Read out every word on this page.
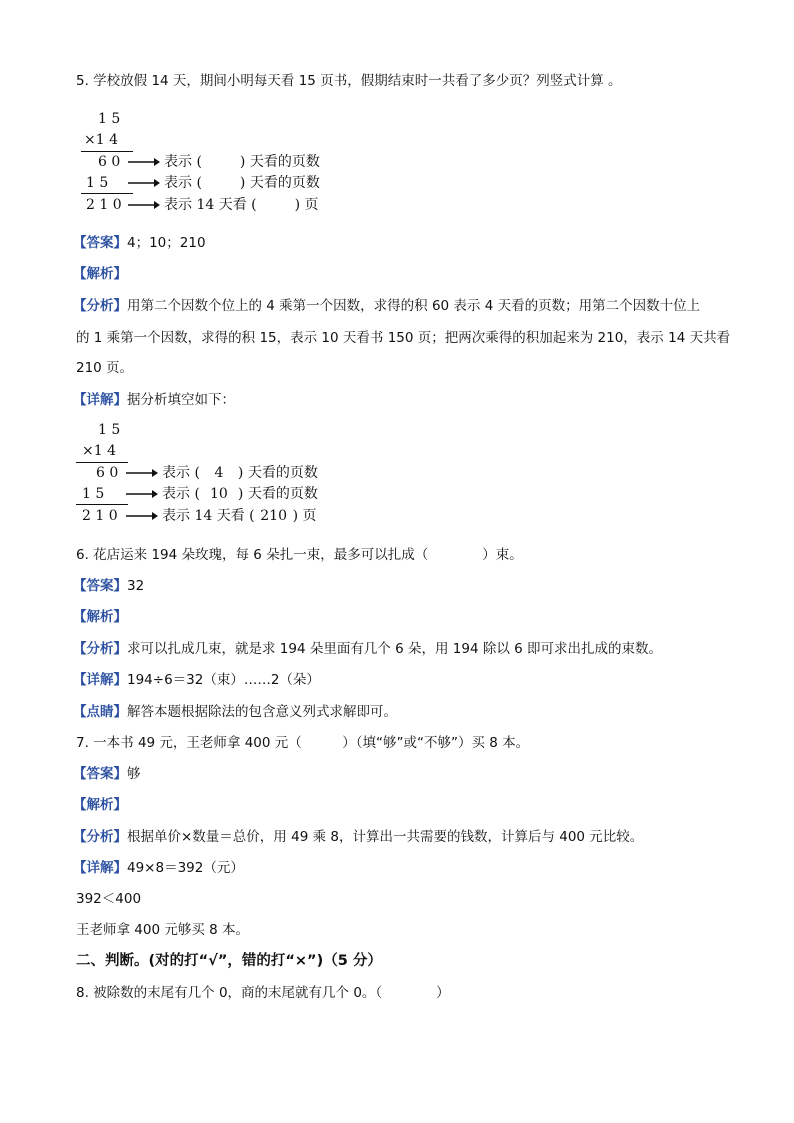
5. 学校放假 14 天，期间小明每天看 15 页书，假期结束时一共看了多少页？列竖式计算 。
1 5
×1 4
6 0	表示 (	) 天看的页数
1 5	表示 (	) 天看的页数
2 1 0	表示 14 天看 (	) 页
【答案】4；10；210
【解析】
【分析】用第二个因数个位上的 4 乘第一个因数，求得的积 60 表示 4 天看的页数；用第二个因数十位上
的 1 乘第一个因数，求得的积 15，表示 10 天看书 150 页；把两次乘得的积加起来为 210，表示 14 天共看
210 页。
【详解】据分析填空如下：
1 5
×1 4
6 0	表示 ( 4 ) 天看的页数
1 5	表示 ( 10 ) 天看的页数
2 1 0	表示 14 天看 ( 210 ) 页
6. 花店运来 194 朵玫瑰，每 6 朵扎一束，最多可以扎成（　　　　）束。
【答案】32
【解析】
【分析】求可以扎成几束，就是求 194 朵里面有几个 6 朵，用 194 除以 6 即可求出扎成的束数。
【详解】194÷6＝32（束）……2（朵）
【点睛】解答本题根据除法的包含意义列式求解即可。
7. 一本书 49 元，王老师拿 400 元（　　　）（填“够”或“不够”）买 8 本。
【答案】够
【解析】
【分析】根据单价×数量＝总价，用 49 乘 8，计算出一共需要的钱数，计算后与 400 元比较。
【详解】49×8＝392（元）
392＜400
王老师拿 400 元够买 8 本。
二、判断。(对的打“√”，错的打“×”)（5 分）
8. 被除数的末尾有几个 0，商的末尾就有几个 0。（　　　　）
